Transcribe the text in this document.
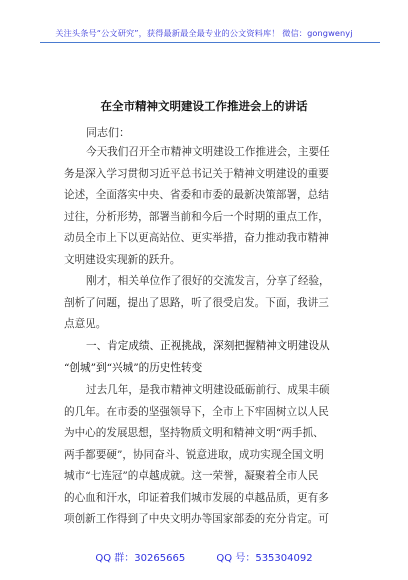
关注头条号“公文研究”，获得最新最全最专业的公文资料库！ 微信：gongwenyj
在全市精神文明建设工作推进会上的讲话
同志们：
今天我们召开全市精神文明建设工作推进会，主要任
务是深入学习贯彻习近平总书记关于精神文明建设的重要
论述，全面落实中央、省委和市委的最新决策部署，总结
过往，分析形势，部署当前和今后一个时期的重点工作，
动员全市上下以更高站位、更实举措，奋力推动我市精神
文明建设实现新的跃升。
刚才，相关单位作了很好的交流发言，分享了经验，
剖析了问题，提出了思路，听了很受启发。下面，我讲三
点意见。
一、肯定成绩、正视挑战，深刻把握精神文明建设从
“创城”到“兴城”的历史性转变
过去几年，是我市精神文明建设砥砺前行、成果丰硕
的几年。在市委的坚强领导下，全市上下牢固树立以人民
为中心的发展思想，坚持物质文明和精神文明“两手抓、
两手都要硬”，协同奋斗、锐意进取，成功实现全国文明
城市“七连冠”的卓越成就。这一荣誉，凝聚着全市人民
的心血和汗水，印证着我们城市发展的卓越品质，更有多
项创新工作得到了中央文明办等国家部委的充分肯定。可
QQ 群：30265665	QQ 号：535304092
